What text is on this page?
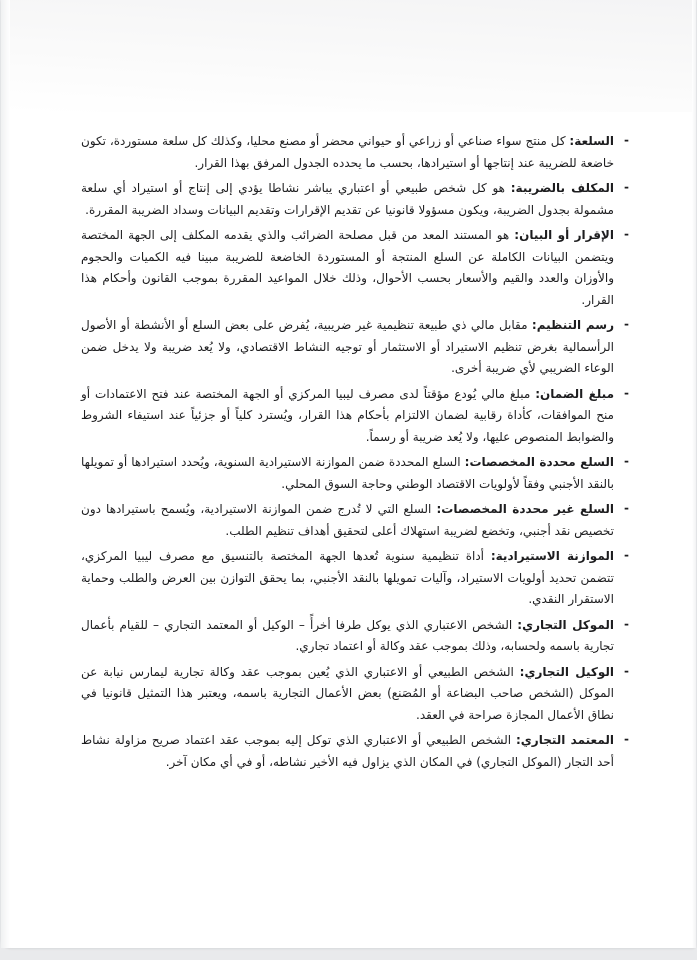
-
السلعة: كل منتج سواء صناعي أو زراعي أو حيواني محضر أو مصنع محليا، وكذلك كل سلعة مستوردة، تكون خاضعة للضريبة عند إنتاجها أو استيرادها، بحسب ما يحدده الجدول المرفق بهذا القرار.
-
المكلف بالضريبة: هو كل شخص طبيعي أو اعتباري يباشر نشاطا يؤدي إلى إنتاج أو استيراد أي سلعة مشمولة بجدول الضريبة، ويكون مسؤولا قانونيا عن تقديم الإقرارات وتقديم البيانات وسداد الضريبة المقررة.
-
الإقرار أو البيان: هو المستند المعد من قبل مصلحة الضرائب والذي يقدمه المكلف إلى الجهة المختصة ويتضمن البيانات الكاملة عن السلع المنتجة أو المستوردة الخاضعة للضريبة مبينا فيه الكميات والحجوم والأوزان والعدد والقيم والأسعار بحسب الأحوال، وذلك خلال المواعيد المقررة بموجب القانون وأحكام هذا القرار.
-
رسم التنظيم: مقابل مالي ذي طبيعة تنظيمية غير ضريبية، يُفرض على بعض السلع أو الأنشطة أو الأصول الرأسمالية بغرض تنظيم الاستيراد أو الاستثمار أو توجيه النشاط الاقتصادي، ولا يُعد ضريبة ولا يدخل ضمن الوعاء الضريبي لأي ضريبة أخرى.
-
مبلغ الضمان: مبلغ مالي يُودع مؤقتاً لدى مصرف ليبيا المركزي أو الجهة المختصة عند فتح الاعتمادات أو منح الموافقات، كأداة رقابية لضمان الالتزام بأحكام هذا القرار، ويُسترد كلياً أو جزئياً عند استيفاء الشروط والضوابط المنصوص عليها، ولا يُعد ضريبة أو رسماً.
-
السلع محددة المخصصات: السلع المحددة ضمن الموازنة الاستيرادية السنوية، ويُحدد استيرادها أو تمويلها بالنقد الأجنبي وفقاً لأولويات الاقتصاد الوطني وحاجة السوق المحلي.
-
السلع غير محددة المخصصات: السلع التي لا تُدرج ضمن الموازنة الاستيرادية، ويُسمح باستيرادها دون تخصيص نقد أجنبي، وتخضع لضريبة استهلاك أعلى لتحقيق أهداف تنظيم الطلب.
-
الموازنة الاستيرادية: أداة تنظيمية سنوية تُعدها الجهة المختصة بالتنسيق مع مصرف ليبيا المركزي، تتضمن تحديد أولويات الاستيراد، وآليات تمويلها بالنقد الأجنبي، بما يحقق التوازن بين العرض والطلب وحماية الاستقرار النقدي.
-
الموكل التجاري: الشخص الاعتباري الذي يوكل طرفا أخرأً – الوكيل أو المعتمد التجاري – للقيام بأعمال تجارية باسمه ولحسابه، وذلك بموجب عقد وكالة أو اعتماد تجاري.
-
الوكيل التجاري: الشخص الطبيعي أو الاعتباري الذي يُعين بموجب عقد وكالة تجارية ليمارس نيابة عن الموكل (الشخص صاحب البضاعة أو المُصَنع) بعض الأعمال التجارية باسمه، ويعتبر هذا التمثيل قانونيا في نطاق الأعمال المجازة صراحة في العقد.
-
المعتمد التجاري: الشخص الطبيعي أو الاعتباري الذي توكل إليه بموجب عقد اعتماد صريح مزاولة نشاط أحد التجار (الموكل التجاري) في المكان الذي يزاول فيه الأخير نشاطه، أو في أي مكان آخر.
